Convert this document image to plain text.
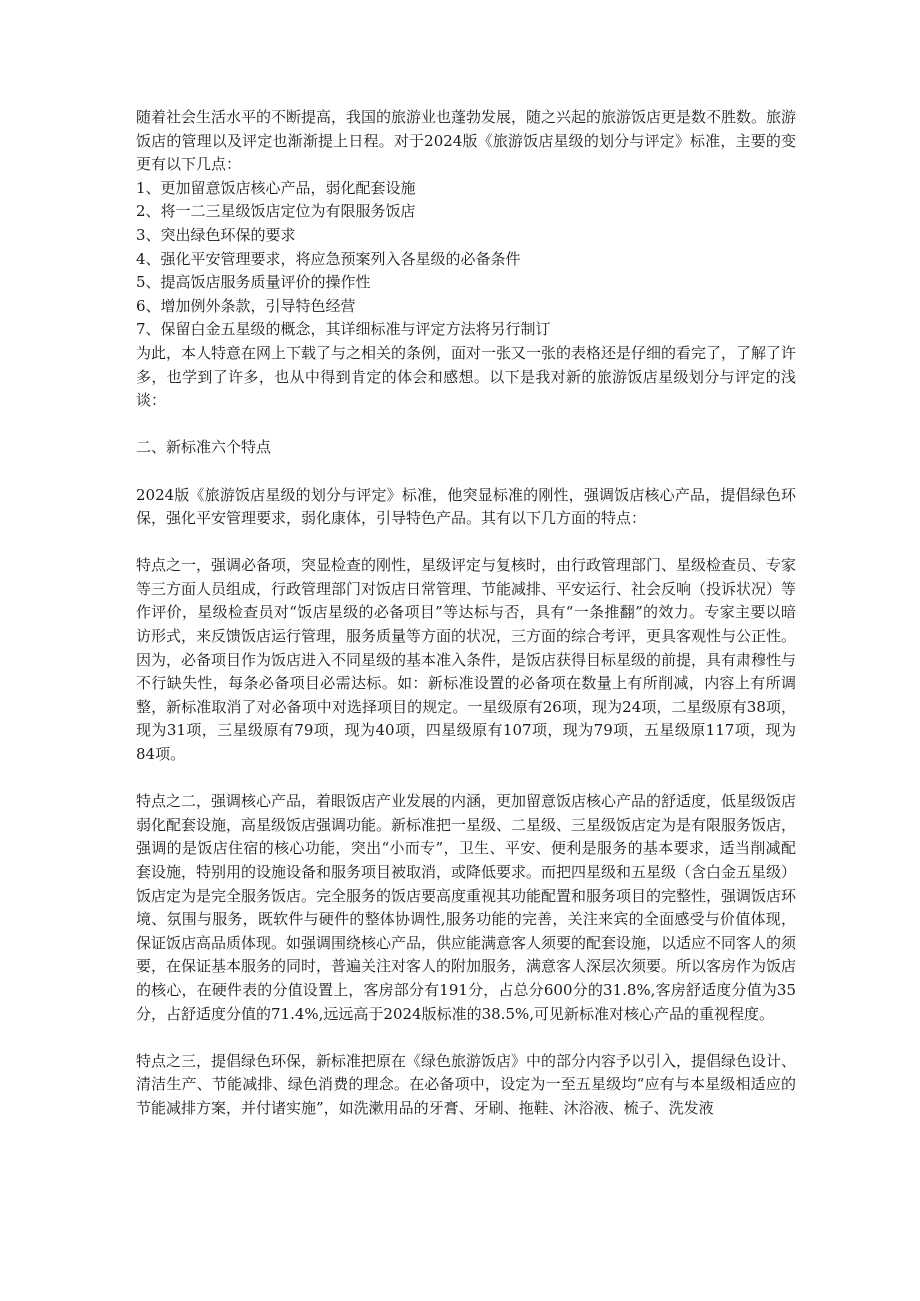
随着社会生活水平的不断提高，我国的旅游业也蓬勃发展，随之兴起的旅游饭店更是数不胜数。旅游饭店的管理以及评定也渐渐提上日程。对于2024版《旅游饭店星级的划分与评定》标准，主要的变更有以下几点：

1、更加留意饭店核心产品，弱化配套设施

2、将一二三星级饭店定位为有限服务饭店

3、突出绿色环保的要求

4、强化平安管理要求，将应急预案列入各星级的必备条件

5、提高饭店服务质量评价的操作性

6、增加例外条款，引导特色经营

7、保留白金五星级的概念，其详细标准与评定方法将另行制订

为此，本人特意在网上下载了与之相关的条例，面对一张又一张的表格还是仔细的看完了，了解了许多，也学到了许多，也从中得到肯定的体会和感想。以下是我对新的旅游饭店星级划分与评定的浅谈：

二、新标准六个特点

2024版《旅游饭店星级的划分与评定》标准，他突显标准的刚性，强调饭店核心产品，提倡绿色环保，强化平安管理要求，弱化康体，引导特色产品。其有以下几方面的特点：

特点之一，强调必备项，突显检查的刚性，星级评定与复核时，由行政管理部门、星级检查员、专家等三方面人员组成，行政管理部门对饭店日常管理、节能减排、平安运行、社会反响（投诉状况）等作评价，星级检查员对“饭店星级的必备项目”等达标与否，具有“一条推翻”的效力。专家主要以暗访形式，来反馈饭店运行管理，服务质量等方面的状况，三方面的综合考评，更具客观性与公正性。因为，必备项目作为饭店进入不同星级的基本准入条件，是饭店获得目标星级的前提，具有肃穆性与不行缺失性，每条必备项目必需达标。如：新标准设置的必备项在数量上有所削减，内容上有所调整，新标准取消了对必备项中对选择项目的规定。一星级原有26项，现为24项，二星级原有38项，现为31项，三星级原有79项，现为40项，四星级原有107项，现为79项，五星级原117项，现为84项。

特点之二，强调核心产品，着眼饭店产业发展的内涵，更加留意饭店核心产品的舒适度，低星级饭店弱化配套设施，高星级饭店强调功能。新标准把一星级、二星级、三星级饭店定为是有限服务饭店，强调的是饭店住宿的核心功能，突出“小而专”，卫生、平安、便利是服务的基本要求，适当削减配套设施，特别用的设施设备和服务项目被取消，或降低要求。而把四星级和五星级（含白金五星级）饭店定为是完全服务饭店。完全服务的饭店要高度重视其功能配置和服务项目的完整性，强调饭店环境、氛围与服务，既软件与硬件的整体协调性,服务功能的完善，关注来宾的全面感受与价值体现，保证饭店高品质体现。如强调围绕核心产品，供应能满意客人须要的配套设施，以适应不同客人的须要，在保证基本服务的同时，普遍关注对客人的附加服务，满意客人深层次须要。所以客房作为饭店的核心，在硬件表的分值设置上，客房部分有191分，占总分600分的31.8%,客房舒适度分值为35分，占舒适度分值的71.4%,远远高于2024版标准的38.5%,可见新标准对核心产品的重视程度。

特点之三，提倡绿色环保，新标准把原在《绿色旅游饭店》中的部分内容予以引入，提倡绿色设计、清洁生产、节能减排、绿色消费的理念。在必备项中，设定为一至五星级均“应有与本星级相适应的节能减排方案，并付诸实施”，如洗漱用品的牙膏、牙刷、拖鞋、沐浴液、梳子、洗发液
